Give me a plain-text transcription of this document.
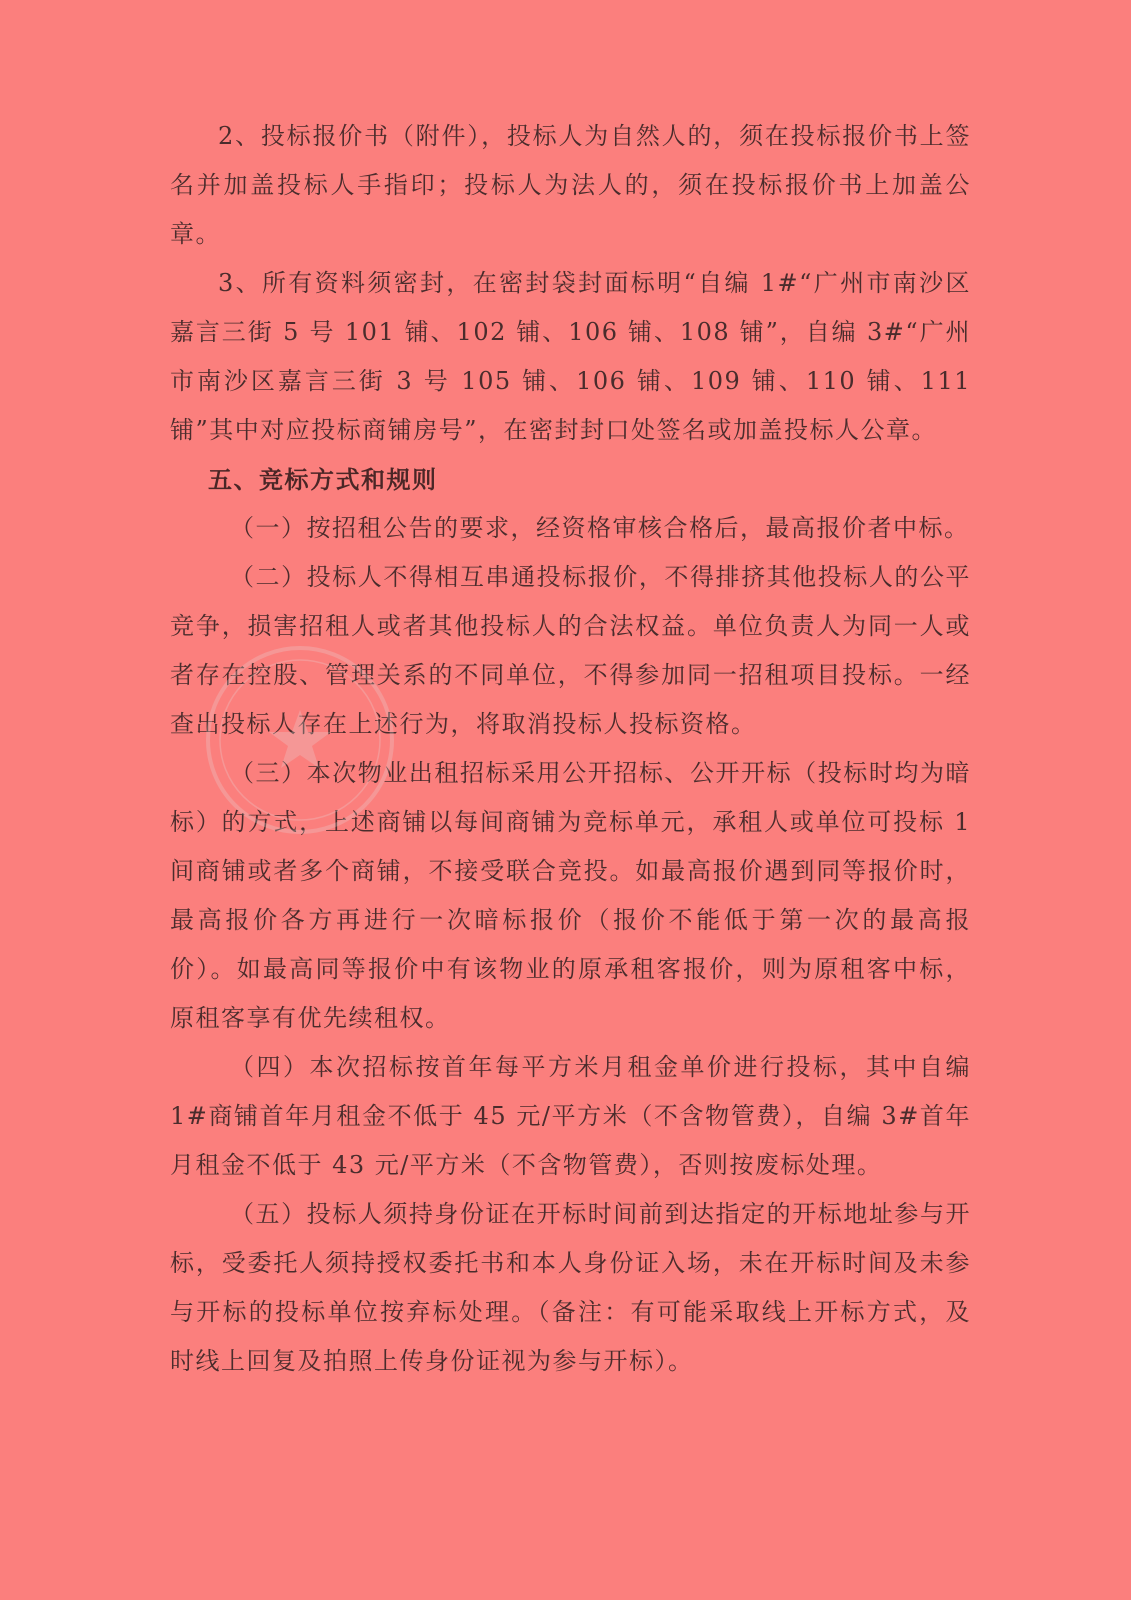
2、投标报价书（附件），投标人为自然人的，须在投标报价书上签名并加盖投标人手指印；投标人为法人的，须在投标报价书上加盖公章。

3、所有资料须密封，在密封袋封面标明“自编 1#“广州市南沙区嘉言三街 5 号 101 铺、102 铺、106 铺、108 铺”，自编 3#“广州市南沙区嘉言三街 3 号 105 铺、106 铺、109 铺、110 铺、111 铺”其中对应投标商铺房号”，在密封封口处签名或加盖投标人公章。

五、竞标方式和规则

（一）按招租公告的要求，经资格审核合格后，最高报价者中标。

（二）投标人不得相互串通投标报价，不得排挤其他投标人的公平竞争，损害招租人或者其他投标人的合法权益。单位负责人为同一人或者存在控股、管理关系的不同单位，不得参加同一招租项目投标。一经查出投标人存在上述行为，将取消投标人投标资格。

（三）本次物业出租招标采用公开招标、公开开标（投标时均为暗标）的方式，上述商铺以每间商铺为竞标单元，承租人或单位可投标 1 间商铺或者多个商铺，不接受联合竞投。如最高报价遇到同等报价时，最高报价各方再进行一次暗标报价（报价不能低于第一次的最高报价）。如最高同等报价中有该物业的原承租客报价，则为原租客中标，原租客享有优先续租权。

（四）本次招标按首年每平方米月租金单价进行投标，其中自编 1#商铺首年月租金不低于 45 元/平方米（不含物管费），自编 3#首年月租金不低于 43 元/平方米（不含物管费），否则按废标处理。

（五）投标人须持身份证在开标时间前到达指定的开标地址参与开标，受委托人须持授权委托书和本人身份证入场，未在开标时间及未参与开标的投标单位按弃标处理。（备注：有可能采取线上开标方式，及时线上回复及拍照上传身份证视为参与开标）。
